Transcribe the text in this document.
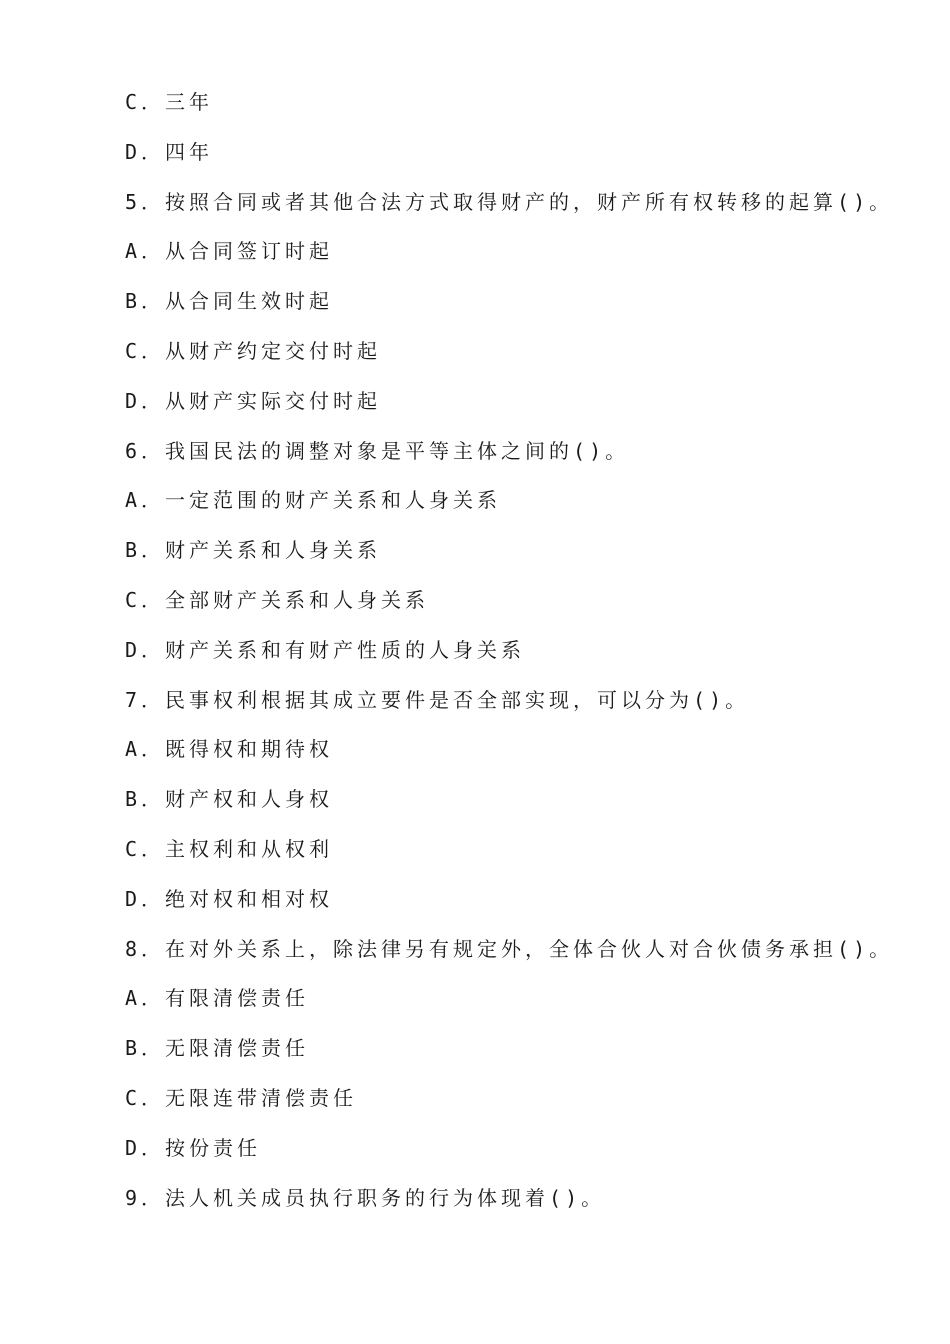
C．三年
D．四年
5．按照合同或者其他合法方式取得财产的，财产所有权转移的起算()。
A．从合同签订时起
B．从合同生效时起
C．从财产约定交付时起
D．从财产实际交付时起
6．我国民法的调整对象是平等主体之间的()。
A．一定范围的财产关系和人身关系
B．财产关系和人身关系
C．全部财产关系和人身关系
D．财产关系和有财产性质的人身关系
7．民事权利根据其成立要件是否全部实现，可以分为()。
A．既得权和期待权
B．财产权和人身权
C．主权利和从权利
D．绝对权和相对权
8．在对外关系上，除法律另有规定外，全体合伙人对合伙债务承担()。
A．有限清偿责任
B．无限清偿责任
C．无限连带清偿责任
D．按份责任
9．法人机关成员执行职务的行为体现着()。
